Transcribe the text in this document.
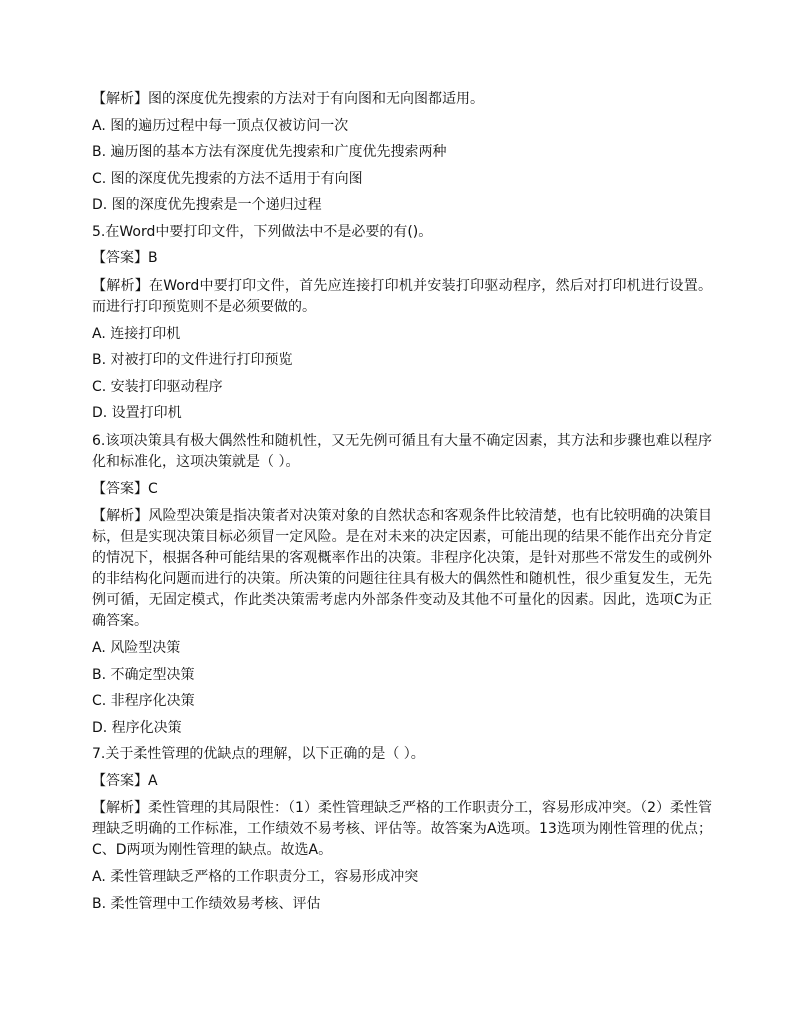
【解析】图的深度优先搜索的方法对于有向图和无向图都适用。
A. 图的遍历过程中每一顶点仅被访问一次
B. 遍历图的基本方法有深度优先搜索和广度优先搜索两种
C. 图的深度优先搜索的方法不适用于有向图
D. 图的深度优先搜索是一个递归过程
5.在Word中要打印文件，下列做法中不是必要的有()。
【答案】B
【解析】在Word中要打印文件，首先应连接打印机并安装打印驱动程序，然后对打印机进行设置。而进行打印预览则不是必须要做的。
A. 连接打印机
B. 对被打印的文件进行打印预览
C. 安装打印驱动程序
D. 设置打印机
6.该项决策具有极大偶然性和随机性，又无先例可循且有大量不确定因素，其方法和步骤也难以程序化和标准化，这项决策就是（ ）。
【答案】C
【解析】风险型决策是指决策者对决策对象的自然状态和客观条件比较清楚，也有比较明确的决策目标，但是实现决策目标必须冒一定风险。是在对未来的决定因素，可能出现的结果不能作出充分肯定的情况下，根据各种可能结果的客观概率作出的决策。非程序化决策，是针对那些不常发生的或例外的非结构化问题而进行的决策。所决策的问题往往具有极大的偶然性和随机性，很少重复发生，无先例可循，无固定模式，作此类决策需考虑内外部条件变动及其他不可量化的因素。因此，选项C为正确答案。
A. 风险型决策
B. 不确定型决策
C. 非程序化决策
D. 程序化决策
7.关于柔性管理的优缺点的理解，以下正确的是（ ）。
【答案】A
【解析】柔性管理的其局限性：（1）柔性管理缺乏严格的工作职责分工，容易形成冲突。（2）柔性管理缺乏明确的工作标准，工作绩效不易考核、评估等。故答案为A选项。13选项为刚性管理的优点；C、D两项为刚性管理的缺点。故选A。
A. 柔性管理缺乏严格的工作职责分工，容易形成冲突
B. 柔性管理中工作绩效易考核、评估
